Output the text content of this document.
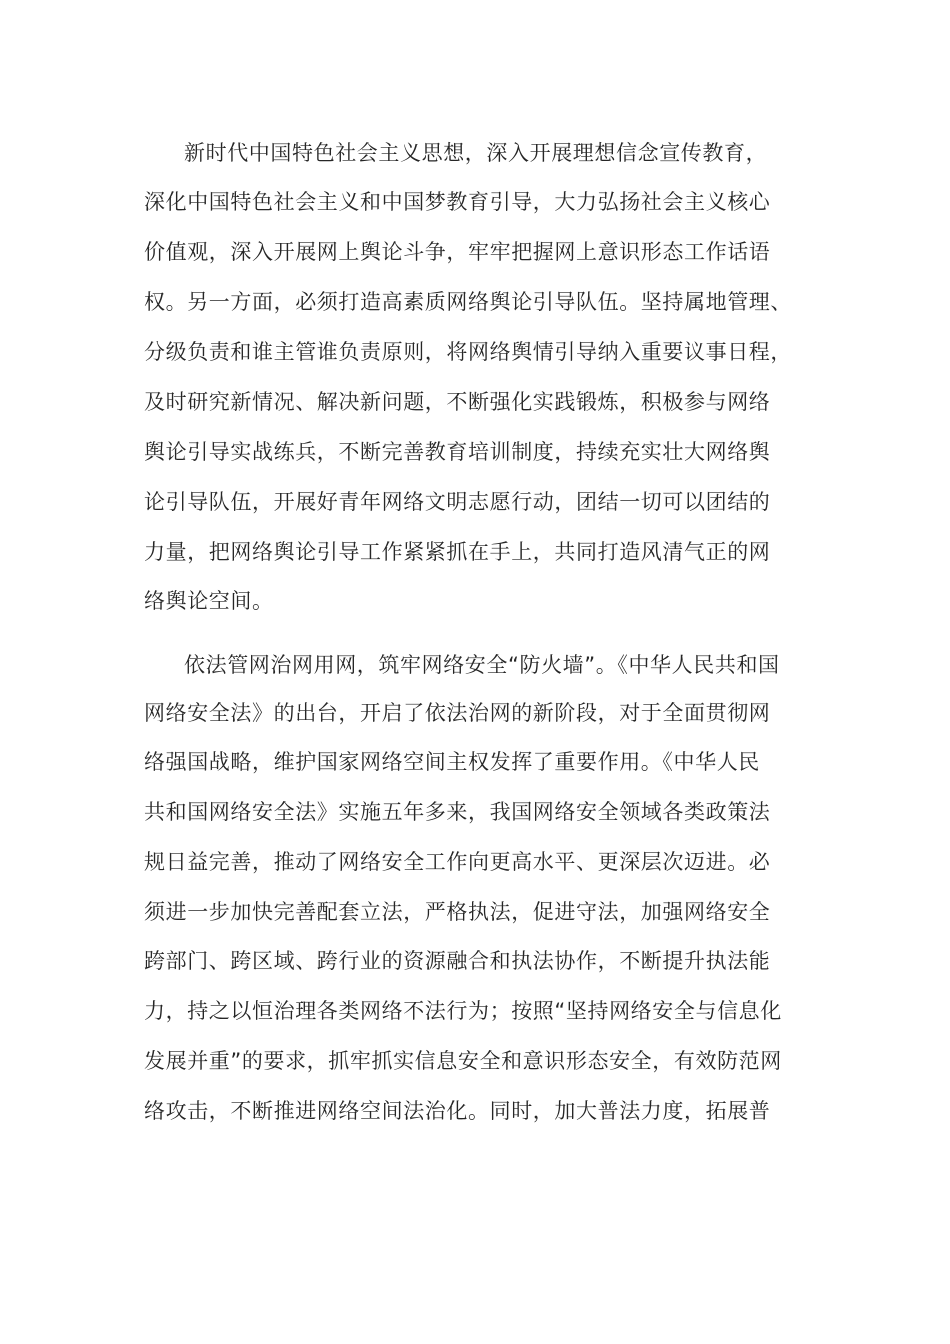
新时代中国特色社会主义思想，深入开展理想信念宣传教育，
深化中国特色社会主义和中国梦教育引导，大力弘扬社会主义核心
价值观，深入开展网上舆论斗争，牢牢把握网上意识形态工作话语
权。另一方面，必须打造高素质网络舆论引导队伍。坚持属地管理、
分级负责和谁主管谁负责原则，将网络舆情引导纳入重要议事日程，
及时研究新情况、解决新问题，不断强化实践锻炼，积极参与网络
舆论引导实战练兵，不断完善教育培训制度，持续充实壮大网络舆
论引导队伍，开展好青年网络文明志愿行动，团结一切可以团结的
力量，把网络舆论引导工作紧紧抓在手上，共同打造风清气正的网
络舆论空间。
依法管网治网用网，筑牢网络安全“防火墙”。《中华人民共和国
网络安全法》的出台，开启了依法治网的新阶段，对于全面贯彻网
络强国战略，维护国家网络空间主权发挥了重要作用。《中华人民
共和国网络安全法》实施五年多来，我国网络安全领域各类政策法
规日益完善，推动了网络安全工作向更高水平、更深层次迈进。必
须进一步加快完善配套立法，严格执法，促进守法，加强网络安全
跨部门、跨区域、跨行业的资源融合和执法协作，不断提升执法能
力，持之以恒治理各类网络不法行为；按照“坚持网络安全与信息化
发展并重”的要求，抓牢抓实信息安全和意识形态安全，有效防范网
络攻击，不断推进网络空间法治化。同时，加大普法力度，拓展普
